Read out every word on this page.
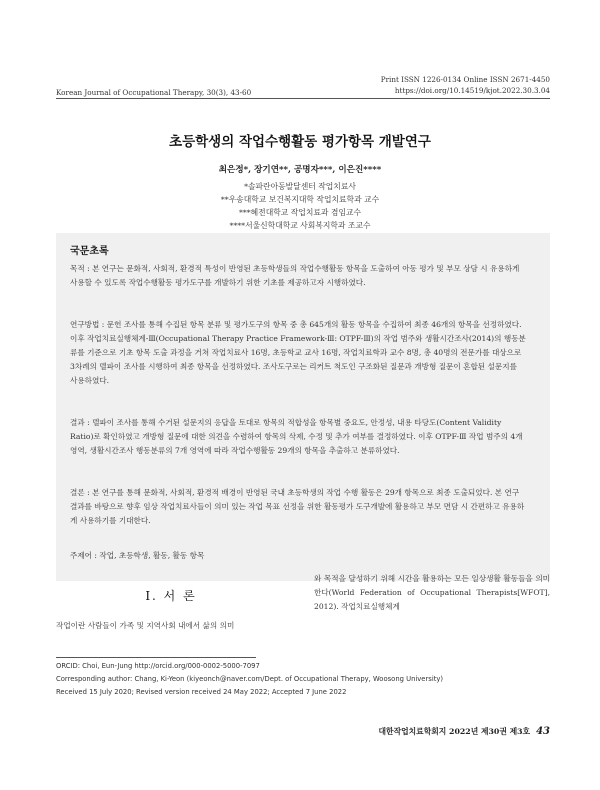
Korean Journal of Occupational Therapy, 30(3), 43-60
Print ISSN 1226-0134 Online ISSN 2671-4450
https://doi.org/10.14519/kjot.2022.30.3.04
초등학생의 작업수행활동 평가항목 개발연구
최은정*, 장기연**, 공명자***, 이은진****
*솔파란아동발달센터 작업치료사
**우송대학교 보건복지대학 작업치료학과 교수
***혜전대학교 작업치료과 겸임교수
****서울신학대학교 사회복지학과 조교수
국문초록
목적 : 본 연구는 문화적, 사회적, 환경적 특성이 반영된 초등학생들의 작업수행활동 항목을 도출하여 아동 평가 및 부모 상담 시 유용하게 사용할 수 있도록 작업수행활동 평가도구를 개발하기 위한 기초를 제공하고자 시행하였다.
연구방법 : 문헌 조사를 통해 수집된 항목 분류 및 평가도구의 항목 중 총 645개의 활동 항목을 수집하여 최종 46개의 항목을 선정하였다. 이후 작업치료실행체계-Ⅲ(Occupational Therapy Practice Framework-Ⅲ: OTPF-Ⅲ)의 작업 범주와 생활시간조사(2014)의 행동분류를 기준으로 기초 항목 도출 과정을 거쳐 작업치료사 16명, 초등학교 교사 16명, 작업치료학과 교수 8명, 총 40명의 전문가를 대상으로 3차례의 델파이 조사를 시행하여 최종 항목을 선정하였다. 조사도구로는 리커트 척도인 구조화된 질문과 개방형 질문이 혼합된 설문지를 사용하였다.
결과 : 델파이 조사를 통해 수거된 설문지의 응답을 토대로 항목의 적합성을 항목별 중요도, 안정성, 내용 타당도(Content Validity Ratio)로 확인하였고 개방형 질문에 대한 의견을 수렴하여 항목의 삭제, 수정 및 추가 여부를 결정하였다. 이후 OTPF-Ⅲ 작업 범주의 4개 영역, 생활시간조사 행동분류의 7개 영역에 따라 작업수행활동 29개의 항목을 추출하고 분류하였다.
결론 : 본 연구를 통해 문화적, 사회적, 환경적 배경이 반영된 국내 초등학생의 작업 수행 활동은 29개 항목으로 최종 도출되었다. 본 연구결과를 바탕으로 향후 임상 작업치료사들이 의미 있는 작업 목표 선정을 위한 활동평가 도구개발에 활용하고 부모 면담 시 간편하고 유용하게 사용하기를 기대한다.
주제어 : 작업, 초등학생, 활동, 활동 항목
Ⅰ. 서 론
작업이란 사람들이 가족 및 지역사회 내에서 삶의 의미
와 목적을 달성하기 위해 시간을 활용하는 모든 일상생활 활동들을 의미한다(World Federation of Occupational Therapists[WFOT], 2012). 작업치료실행체계
ORCID: Choi, Eun-Jung http://orcid.org/000-0002-5000-7097
Corresponding author: Chang, Ki-Yeon (kiyeonch@naver.com/Dept. of Occupational Therapy, Woosong University)
Received 15 July 2020; Revised version received 24 May 2022; Accepted 7 June 2022
대한작업치료학회지 2022년 제30권 제3호 43
